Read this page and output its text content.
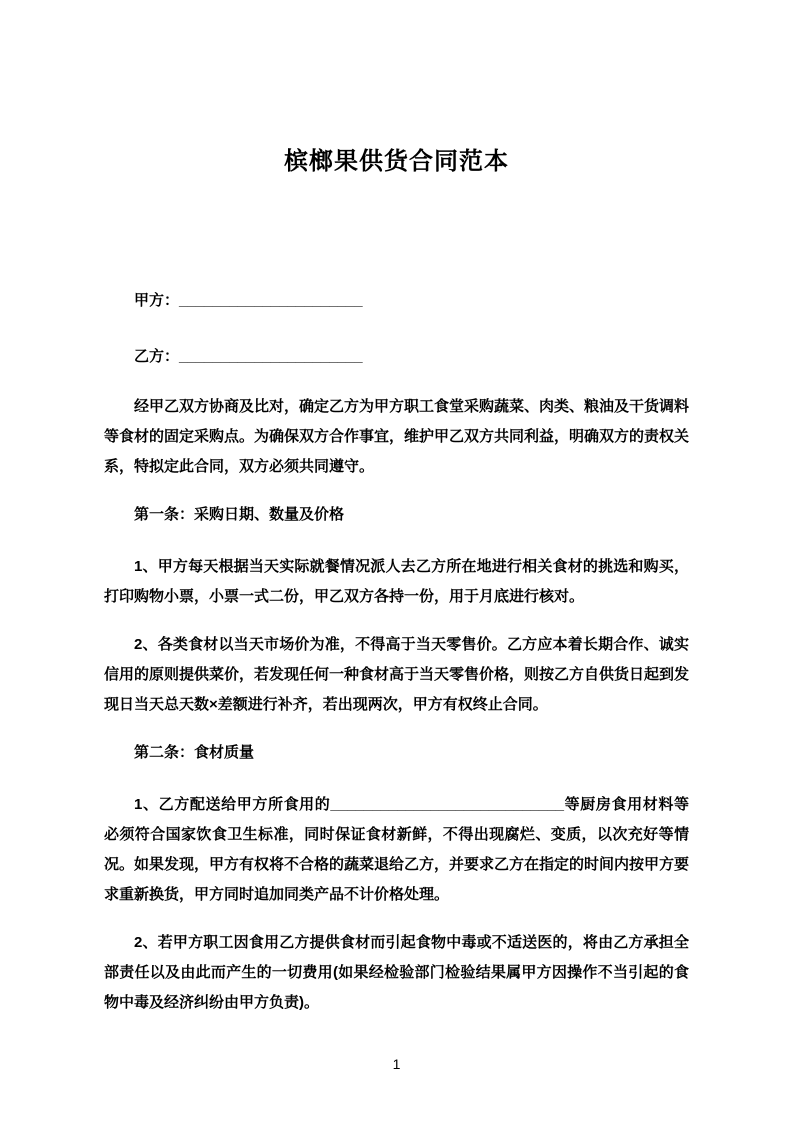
槟榔果供货合同范本

甲方：______________________

乙方：______________________

经甲乙双方协商及比对，确定乙方为甲方职工食堂采购蔬菜、肉类、粮油及干货调料等食材的固定采购点。为确保双方合作事宜，维护甲乙双方共同利益，明确双方的责权关系，特拟定此合同，双方必须共同遵守。

第一条：采购日期、数量及价格

1、甲方每天根据当天实际就餐情况派人去乙方所在地进行相关食材的挑选和购买，打印购物小票，小票一式二份，甲乙双方各持一份，用于月底进行核对。

2、各类食材以当天市场价为准，不得高于当天零售价。乙方应本着长期合作、诚实信用的原则提供菜价，若发现任何一种食材高于当天零售价格，则按乙方自供货日起到发现日当天总天数×差额进行补齐，若出现两次，甲方有权终止合同。

第二条：食材质量

1、乙方配送给甲方所食用的____________________________等厨房食用材料等必须符合国家饮食卫生标准，同时保证食材新鲜，不得出现腐烂、变质，以次充好等情况。如果发现，甲方有权将不合格的蔬菜退给乙方，并要求乙方在指定的时间内按甲方要求重新换货，甲方同时追加同类产品不计价格处理。

2、若甲方职工因食用乙方提供食材而引起食物中毒或不适送医的，将由乙方承担全部责任以及由此而产生的一切费用(如果经检验部门检验结果属甲方因操作不当引起的食物中毒及经济纠纷由甲方负责)。

1
